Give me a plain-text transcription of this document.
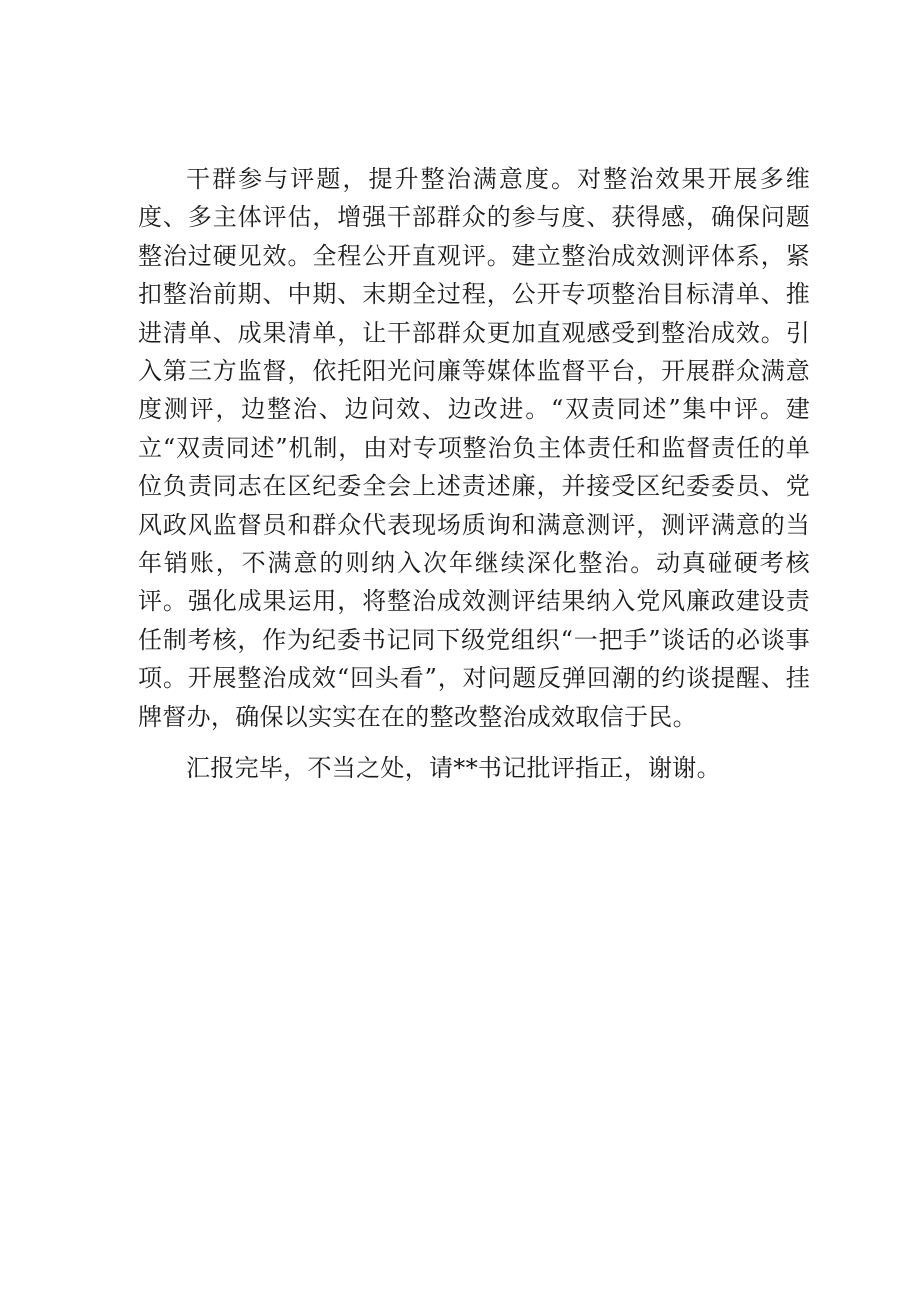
干群参与评题，提升整治满意度。对整治效果开展多维度、多主体评估，增强干部群众的参与度、获得感，确保问题整治过硬见效。全程公开直观评。建立整治成效测评体系，紧扣整治前期、中期、末期全过程，公开专项整治目标清单、推进清单、成果清单，让干部群众更加直观感受到整治成效。引入第三方监督，依托阳光问廉等媒体监督平台，开展群众满意度测评，边整治、边问效、边改进。“双责同述”集中评。建立“双责同述”机制，由对专项整治负主体责任和监督责任的单位负责同志在区纪委全会上述责述廉，并接受区纪委委员、党风政风监督员和群众代表现场质询和满意测评，测评满意的当年销账，不满意的则纳入次年继续深化整治。动真碰硬考核评。强化成果运用，将整治成效测评结果纳入党风廉政建设责任制考核，作为纪委书记同下级党组织“一把手”谈话的必谈事项。开展整治成效“回头看”，对问题反弹回潮的约谈提醒、挂牌督办，确保以实实在在的整改整治成效取信于民。

汇报完毕，不当之处，请**书记批评指正，谢谢。
